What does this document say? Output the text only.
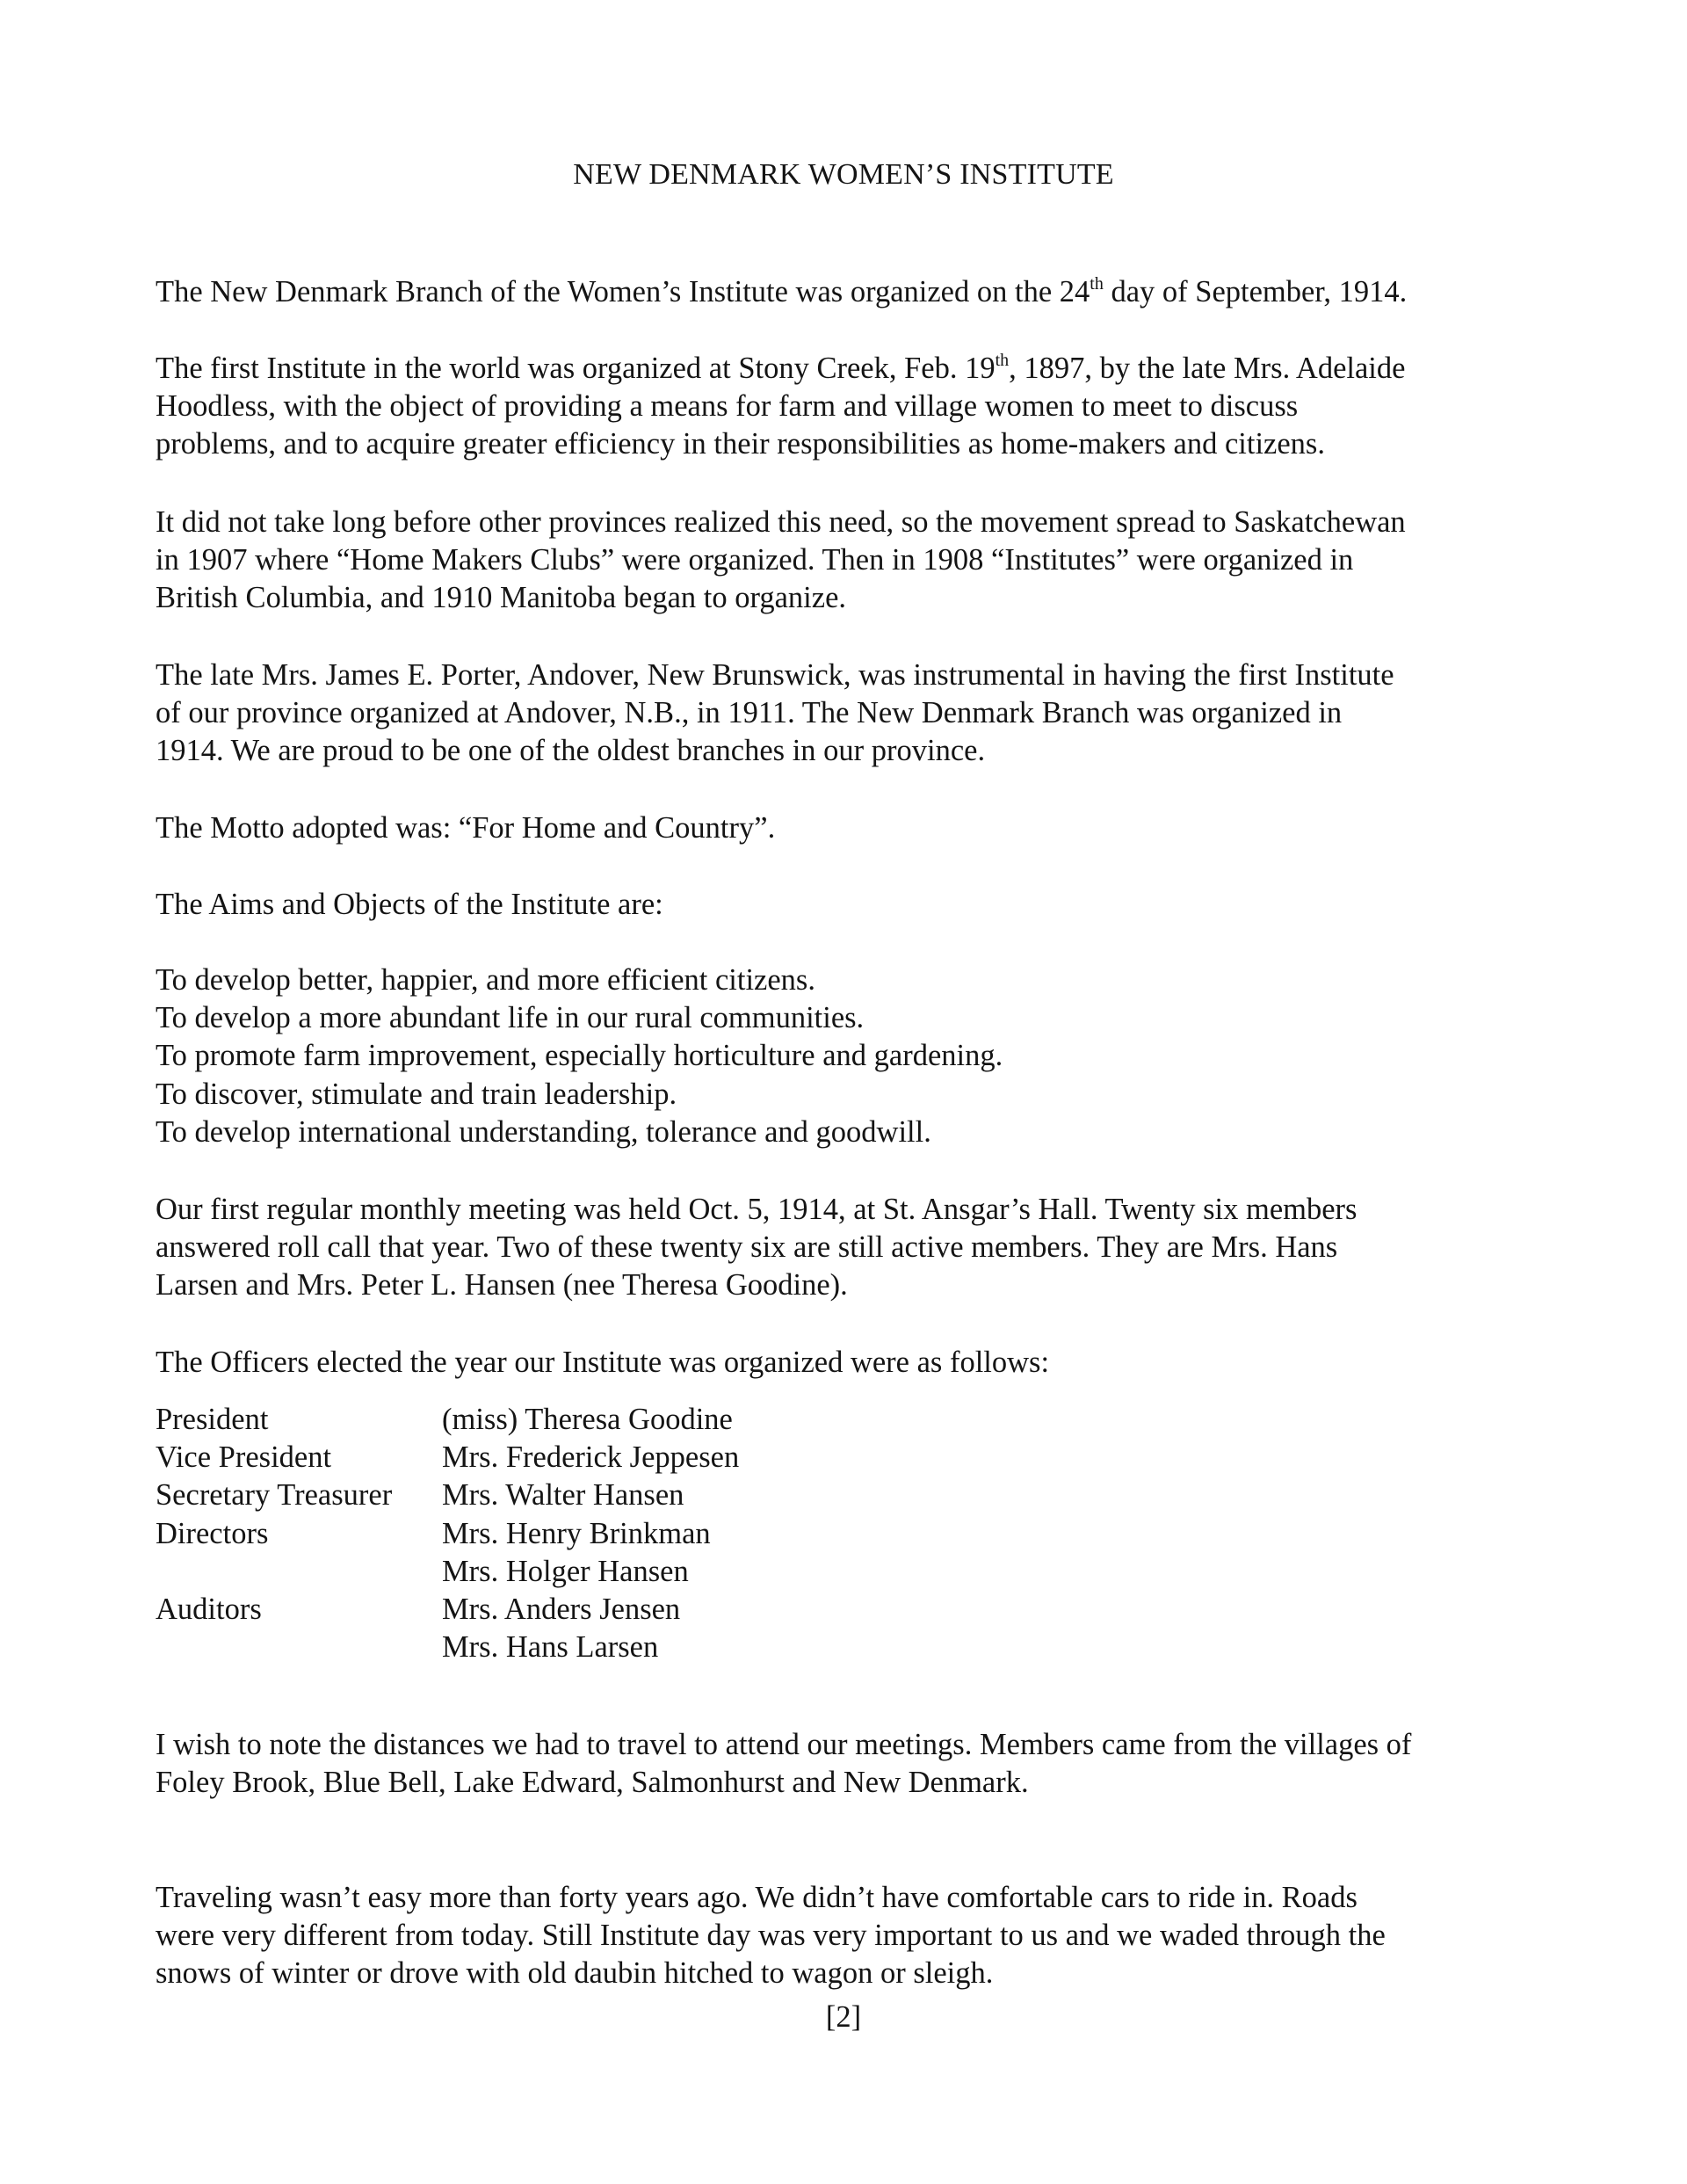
NEW DENMARK WOMEN’S INSTITUTE
The New Denmark Branch of the Women’s Institute was organized on the 24th day of September, 1914.
The first Institute in the world was organized at Stony Creek, Feb. 19th, 1897, by the late Mrs. Adelaide
Hoodless, with the object of providing a means for farm and village women to meet to discuss
problems, and to acquire greater efficiency in their responsibilities as home-makers and citizens.
It did not take long before other provinces realized this need, so the movement spread to Saskatchewan
in 1907 where “Home Makers Clubs” were organized. Then in 1908 “Institutes” were organized in
British Columbia, and 1910 Manitoba began to organize.
The late Mrs. James E. Porter, Andover, New Brunswick, was instrumental in having the first Institute
of our province organized at Andover, N.B., in 1911. The New Denmark Branch was organized in
1914. We are proud to be one of the oldest branches in our province.
The Motto adopted was: “For Home and Country”.
The Aims and Objects of the Institute are:
To develop better, happier, and more efficient citizens.
To develop a more abundant life in our rural communities.
To promote farm improvement, especially horticulture and gardening.
To discover, stimulate and train leadership.
To develop international understanding, tolerance and goodwill.
Our first regular monthly meeting was held Oct. 5, 1914, at St. Ansgar’s Hall. Twenty six members
answered roll call that year. Two of these twenty six are still active members. They are Mrs. Hans
Larsen and Mrs. Peter L. Hansen (nee Theresa Goodine).
The Officers elected the year our Institute was organized were as follows:
President	(miss) Theresa Goodine
Vice President	Mrs. Frederick Jeppesen
Secretary Treasurer Mrs. Walter Hansen
Directors	Mrs. Henry Brinkman
Mrs. Holger Hansen
Auditors	Mrs. Anders Jensen
Mrs. Hans Larsen
I wish to note the distances we had to travel to attend our meetings. Members came from the villages of
Foley Brook, Blue Bell, Lake Edward, Salmonhurst and New Denmark.
Traveling wasn’t easy more than forty years ago. We didn’t have comfortable cars to ride in. Roads
were very different from today. Still Institute day was very important to us and we waded through the
snows of winter or drove with old daubin hitched to wagon or sleigh.
[2]
